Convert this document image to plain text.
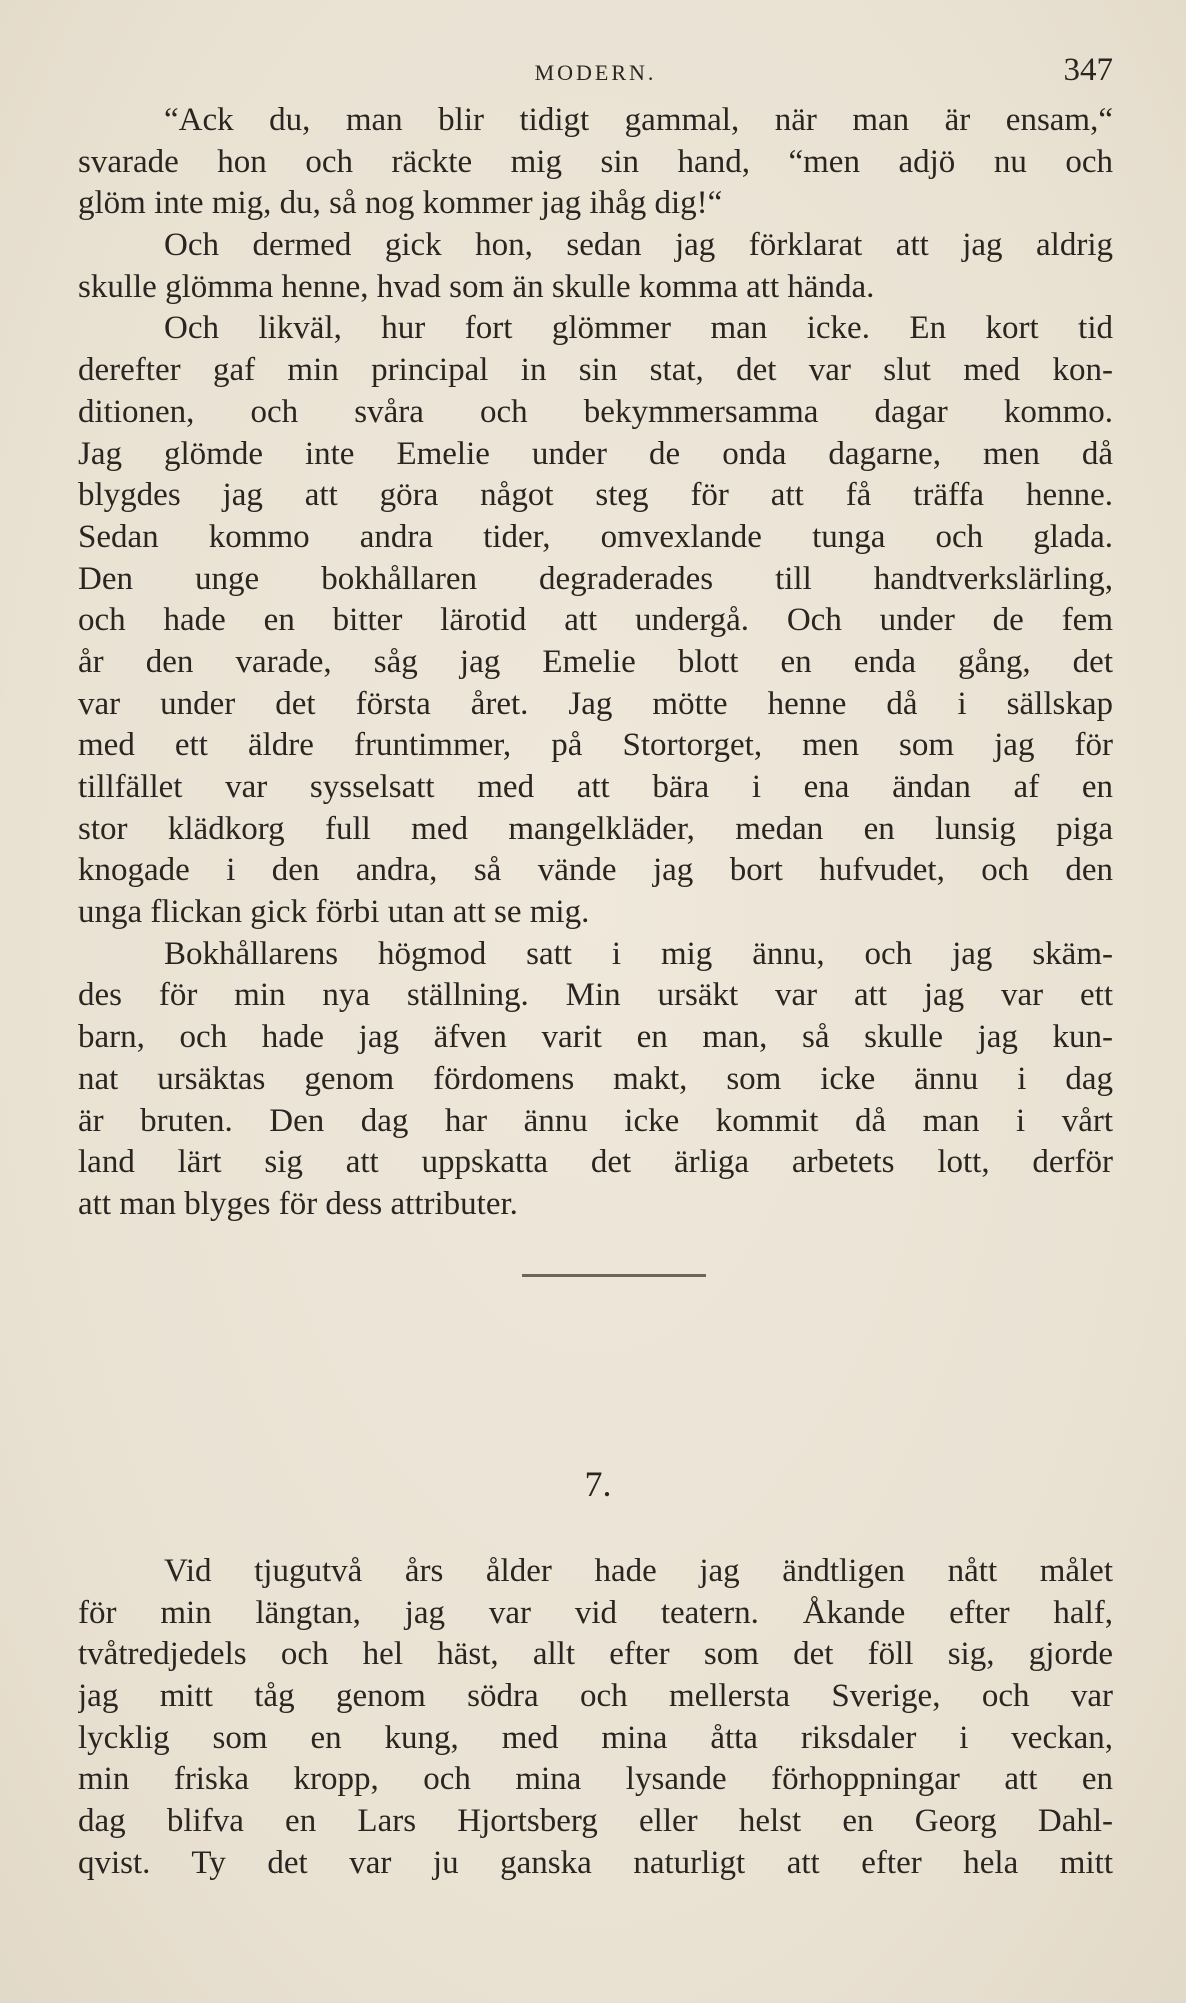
MODERN.	347
“Ack du, man blir tidigt gammal, när man är ensam,“
svarade hon och räckte mig sin hand, “men adjö nu och
glöm inte mig, du, så nog kommer jag ihåg dig!“
Och dermed gick hon, sedan jag förklarat att jag aldrig
skulle glömma henne, hvad som än skulle komma att hända.
Och likväl, hur fort glömmer man icke. En kort tid
derefter gaf min principal in sin stat, det var slut med kon-
ditionen, och svåra och bekymmersamma dagar kommo.
Jag glömde inte Emelie under de onda dagarne, men då
blygdes jag att göra något steg för att få träffa henne.
Sedan kommo andra tider, omvexlande tunga och glada.
Den unge bokhållaren degraderades till handtverkslärling,
och hade en bitter lärotid att undergå. Och under de fem
år den varade, såg jag Emelie blott en enda gång, det
var under det första året. Jag mötte henne då i sällskap
med ett äldre fruntimmer, på Stortorget, men som jag för
tillfället var sysselsatt med att bära i ena ändan af en
stor klädkorg full med mangelkläder, medan en lunsig piga
knogade i den andra, så vände jag bort hufvudet, och den
unga flickan gick förbi utan att se mig.
Bokhållarens högmod satt i mig ännu, och jag skäm-
des för min nya ställning. Min ursäkt var att jag var ett
barn, och hade jag äfven varit en man, så skulle jag kun-
nat ursäktas genom fördomens makt, som icke ännu i dag
är bruten. Den dag har ännu icke kommit då man i vårt
land lärt sig att uppskatta det ärliga arbetets lott, derför
att man blyges för dess attributer.
7.
Vid tjugutvå års ålder hade jag ändtligen nått målet
för min längtan, jag var vid teatern. Åkande efter half,
tvåtredjedels och hel häst, allt efter som det föll sig, gjorde
jag mitt tåg genom södra och mellersta Sverige, och var
lycklig som en kung, med mina åtta riksdaler i veckan,
min friska kropp, och mina lysande förhoppningar att en
dag blifva en Lars Hjortsberg eller helst en Georg Dahl-
qvist. Ty det var ju ganska naturligt att efter hela mitt
